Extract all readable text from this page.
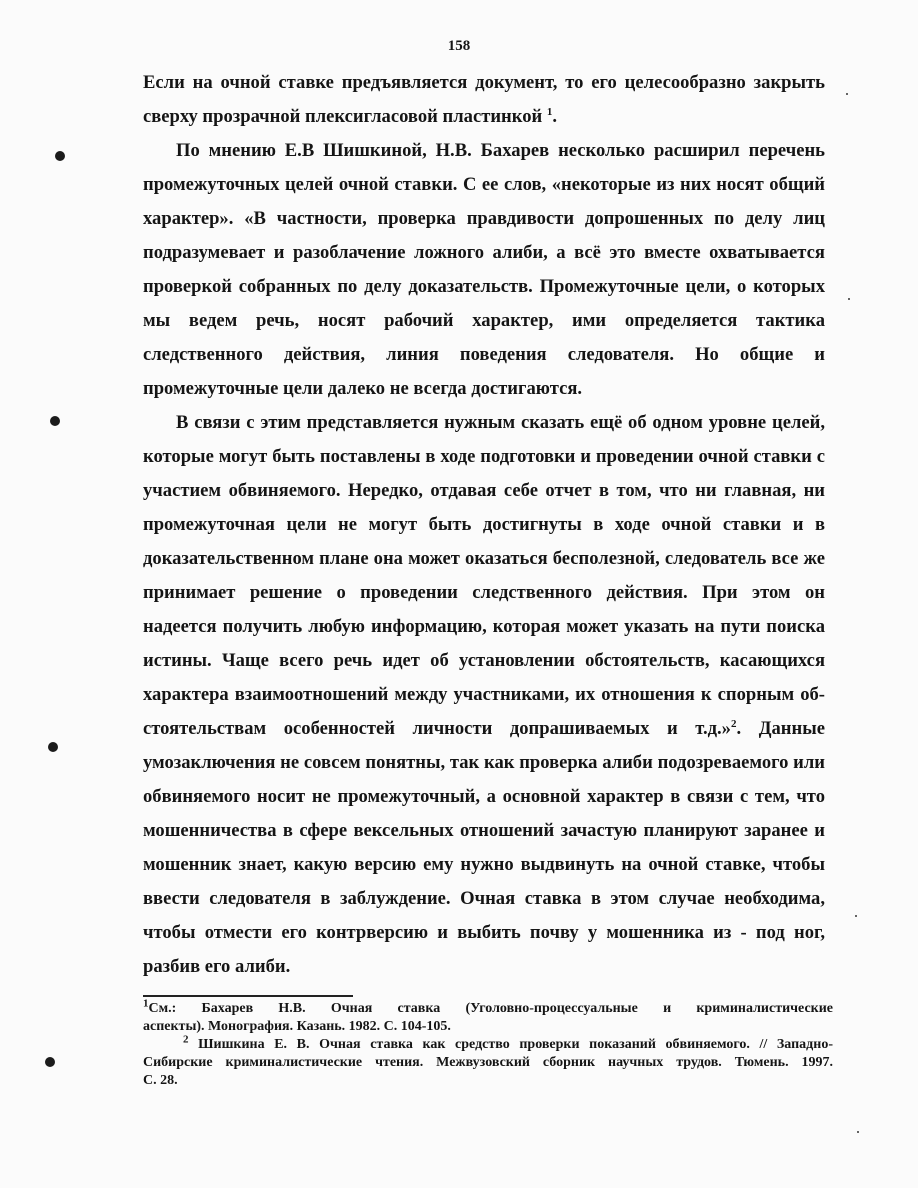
158
Если на очной ставке предъявляется документ, то его целесообразно закрыть
сверху прозрачной плексигласовой пластинкой $^1$.
По мнению Е.В Шишкиной, Н.В. Бахарев несколько расширил перечень
промежуточных целей очной ставки. С ее слов, «некоторые из них носят общий
характер». «В частности, проверка правдивости допрошенных по делу лиц
подразумевает и разоблачение ложного алиби, а всё это вместе охватывается
проверкой собранных по делу доказательств. Промежуточные цели, о которых
мы ведем речь, носят рабочий характер, ими определяется тактика
следственного действия, линия поведения следователя. Но общие и
промежуточные цели далеко не всегда достигаются.
В связи с этим представляется нужным сказать ещё об одном уровне целей,
которые могут быть поставлены в ходе подготовки и проведении очной ставки с
участием обвиняемого. Нередко, отдавая себе отчет в том, что ни главная, ни
промежуточная цели не могут быть достигнуты в ходе очной ставки и в
доказательственном плане она может оказаться бесполезной, следователь все же
принимает решение о проведении следственного действия. При этом он
надеется получить любую информацию, которая может указать на пути поиска
истины. Чаще всего речь идет об установлении обстоятельств, касающихся
характера взаимоотношений между участниками, их отношения к спорным об-
стоятельствам особенностей личности допрашиваемых и т.д.»$^2$. Данные
умозаключения не совсем понятны, так как проверка алиби подозреваемого или
обвиняемого носит не промежуточный, а основной характер в связи с тем, что
мошенничества в сфере вексельных отношений зачастую планируют заранее и
мошенник знает, какую версию ему нужно выдвинуть на очной ставке, чтобы
ввести следователя в заблуждение. Очная ставка в этом случае необходима,
чтобы отмести его контрверсию и выбить почву у мошенника из - под ног,
разбив его алиби.
$^1$См.: Бахарев Н.В. Очная ставка (Уголовно-процессуальные и криминалистические
аспекты). Монография. Казань. 1982. С. 104-105.
$^2$ Шишкина Е. В. Очная ставка как средство проверки показаний обвиняемого. // Западно-
Сибирские криминалистические чтения. Межвузовский сборник научных трудов. Тюмень. 1997.
С. 28.
